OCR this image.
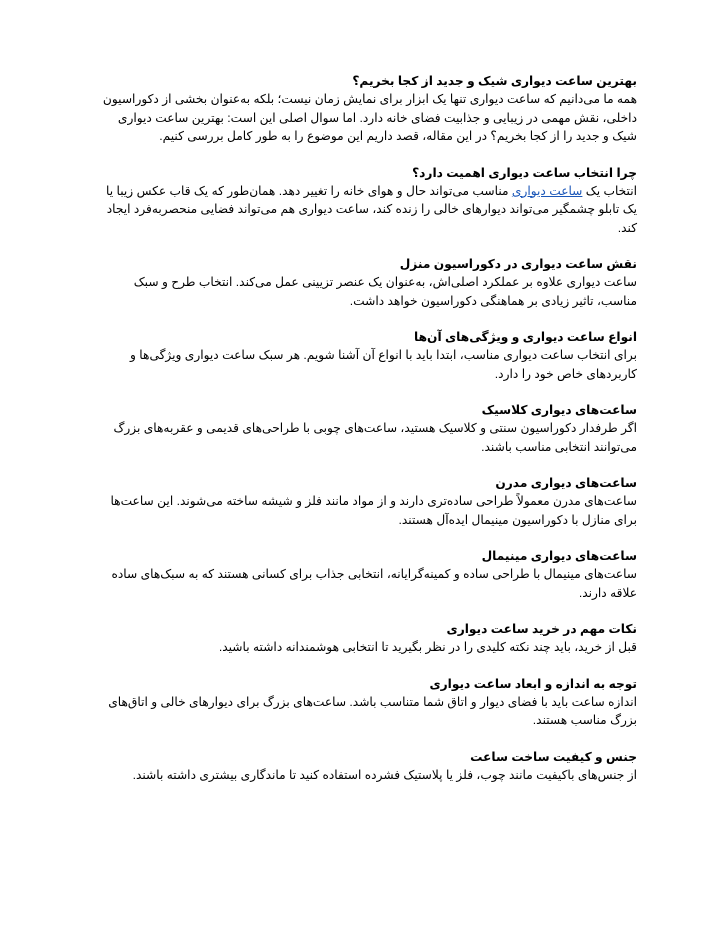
بهترین ساعت دیواری شیک و جدید از کجا بخریم؟

همه ما می‌دانیم که ساعت دیواری تنها یک ابزار برای نمایش زمان نیست؛ بلکه به‌عنوان بخشی از دکوراسیون داخلی، نقش مهمی در زیبایی و جذابیت فضای خانه دارد. اما سوال اصلی این است: بهترین ساعت دیواری شیک و جدید را از کجا بخریم؟ در این مقاله، قصد داریم این موضوع را به طور کامل بررسی کنیم.

چرا انتخاب ساعت دیواری اهمیت دارد؟

انتخاب یک ساعت دیواری مناسب می‌تواند حال و هوای خانه را تغییر دهد. همان‌طور که یک قاب عکس زیبا یا یک تابلو چشمگیر می‌تواند دیوارهای خالی را زنده کند، ساعت دیواری هم می‌تواند فضایی منحصربه‌فرد ایجاد کند.

نقش ساعت دیواری در دکوراسیون منزل

ساعت دیواری علاوه بر عملکرد اصلی‌اش، به‌عنوان یک عنصر تزیینی عمل می‌کند. انتخاب طرح و سبک مناسب، تاثیر زیادی بر هماهنگی دکوراسیون خواهد داشت.

انواع ساعت دیواری و ویژگی‌های آن‌ها

برای انتخاب ساعت دیواری مناسب، ابتدا باید با انواع آن آشنا شویم. هر سبک ساعت دیواری ویژگی‌ها و کاربردهای خاص خود را دارد.

ساعت‌های دیواری کلاسیک

اگر طرفدار دکوراسیون سنتی و کلاسیک هستید، ساعت‌های چوبی با طراحی‌های قدیمی و عقربه‌های بزرگ می‌توانند انتخابی مناسب باشند.

ساعت‌های دیواری مدرن

ساعت‌های مدرن معمولاً طراحی ساده‌تری دارند و از مواد مانند فلز و شیشه ساخته می‌شوند. این ساعت‌ها برای منازل با دکوراسیون مینیمال ایده‌آل هستند.

ساعت‌های دیواری مینیمال

ساعت‌های مینیمال با طراحی ساده و کمینه‌گرایانه، انتخابی جذاب برای کسانی هستند که به سبک‌های ساده علاقه دارند.

نکات مهم در خرید ساعت دیواری

قبل از خرید، باید چند نکته کلیدی را در نظر بگیرید تا انتخابی هوشمندانه داشته باشید.

توجه به اندازه و ابعاد ساعت دیواری

اندازه ساعت باید با فضای دیوار و اتاق شما متناسب باشد. ساعت‌های بزرگ برای دیوارهای خالی و اتاق‌های بزرگ مناسب هستند.

جنس و کیفیت ساخت ساعت

از جنس‌های باکیفیت مانند چوب، فلز یا پلاستیک فشرده استفاده کنید تا ماندگاری بیشتری داشته باشند.
